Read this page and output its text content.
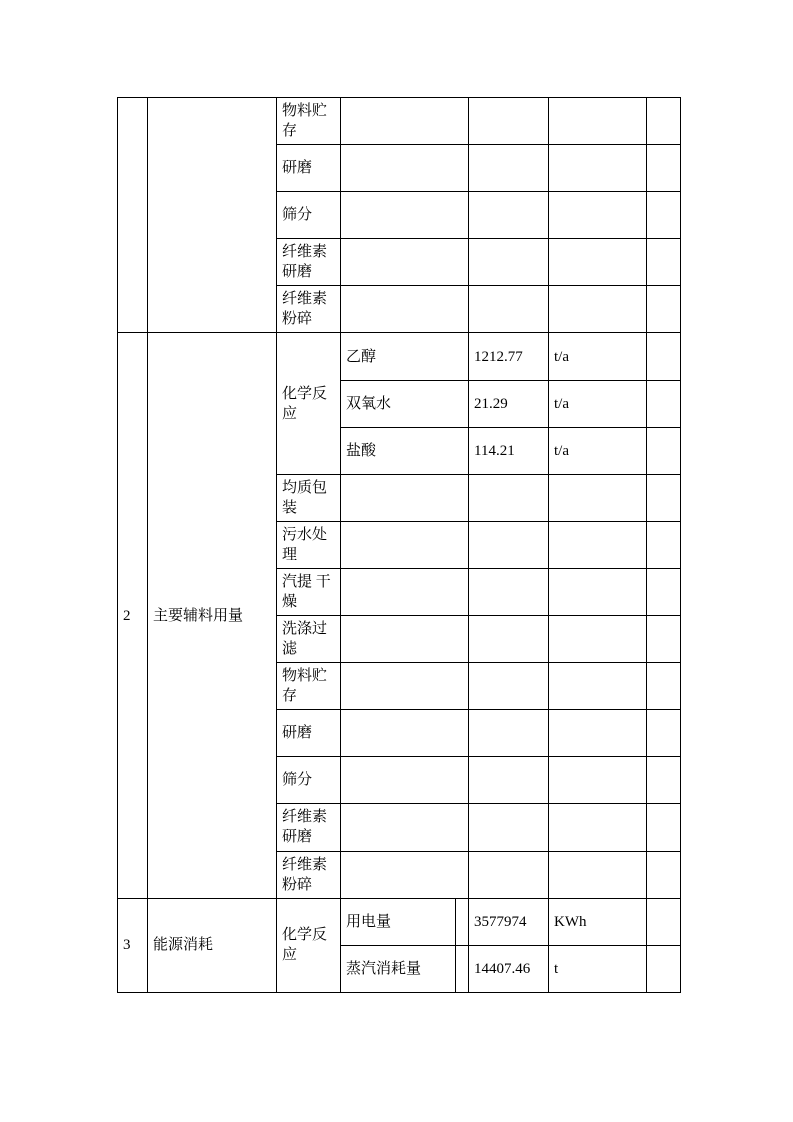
		物料贮存					
		研磨					
		筛分					
		纤维素研磨					
		纤维素粉碎					
2	主要辅料用量	化学反应	乙醇		1212.77	t/a	
			双氧水		21.29	t/a	
			盐酸		114.21	t/a	
		均质包装					
		污水处理					
		汽提 干燥					
		洗涤过滤					
		物料贮存					
		研磨					
		筛分					
		纤维素研磨					
		纤维素粉碎					
3	能源消耗	化学反应	用电量		3577974	KWh	
			蒸汽消耗量		14407.46	t	
